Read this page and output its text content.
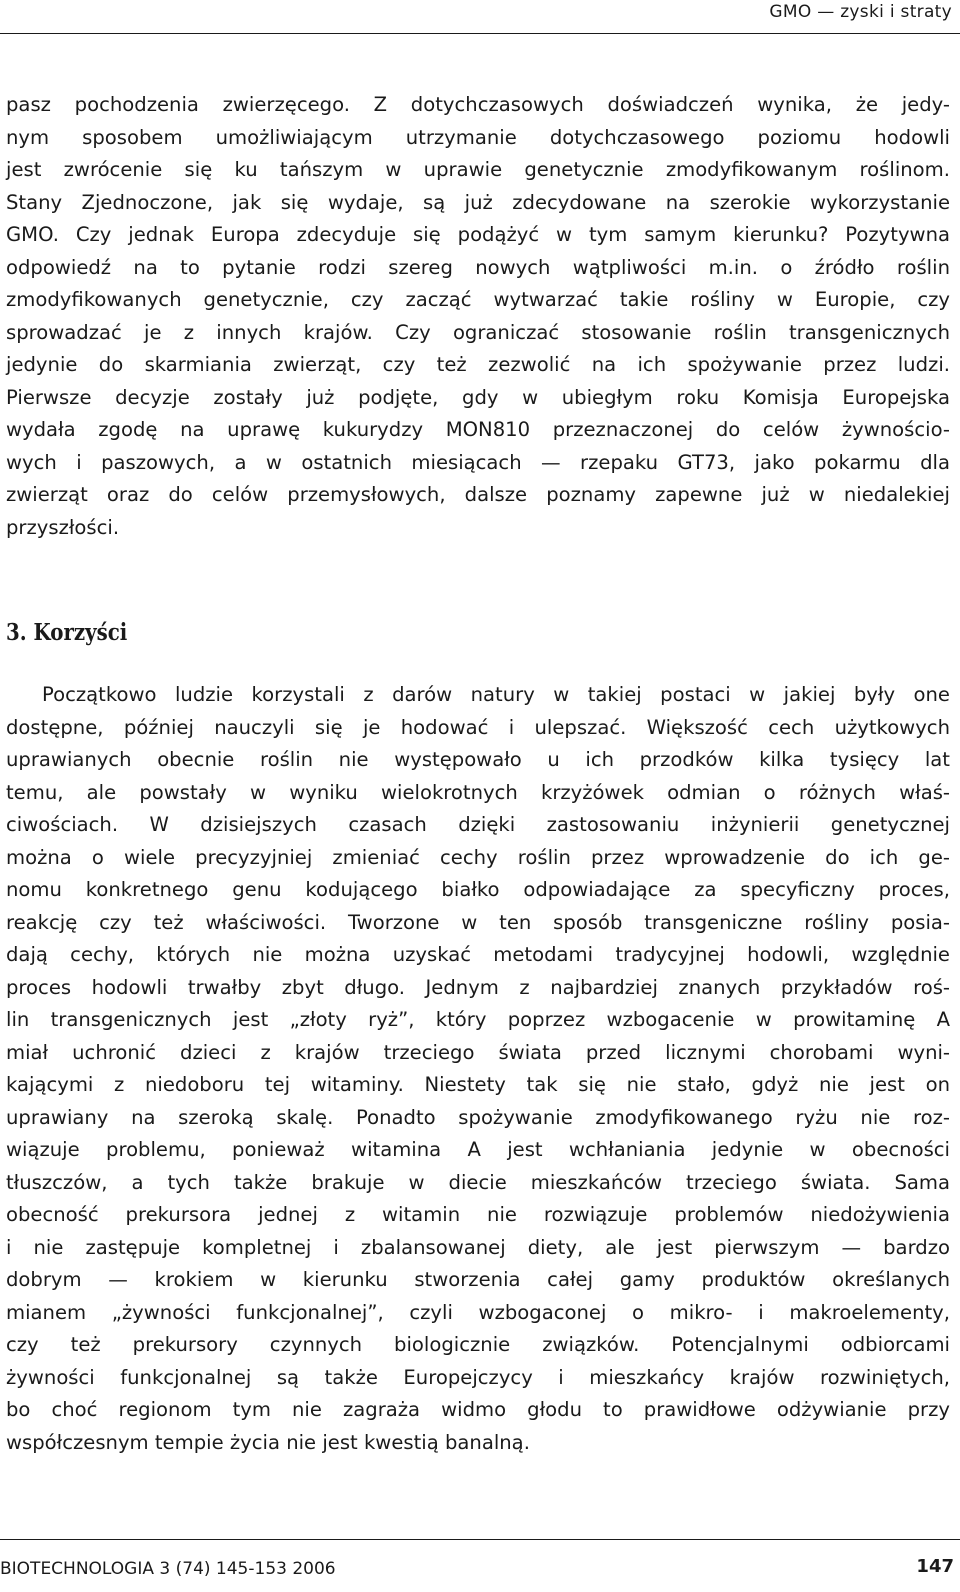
GMO — zyski i straty
pasz pochodzenia zwierzęcego. Z dotychczasowych doświadczeń wynika, że jedy-
nym sposobem umożliwiającym utrzymanie dotychczasowego poziomu hodowli
jest zwrócenie się ku tańszym w uprawie genetycznie zmodyfikowanym roślinom.
Stany Zjednoczone, jak się wydaje, są już zdecydowane na szerokie wykorzystanie
GMO. Czy jednak Europa zdecyduje się podążyć w tym samym kierunku? Pozytywna
odpowiedź na to pytanie rodzi szereg nowych wątpliwości m.in. o źródło roślin
zmodyfikowanych genetycznie, czy zacząć wytwarzać takie rośliny w Europie, czy
sprowadzać je z innych krajów. Czy ograniczać stosowanie roślin transgenicznych
jedynie do skarmiania zwierząt, czy też zezwolić na ich spożywanie przez ludzi.
Pierwsze decyzje zostały już podjęte, gdy w ubiegłym roku Komisja Europejska
wydała zgodę na uprawę kukurydzy MON810 przeznaczonej do celów żywnościo-
wych i paszowych, a w ostatnich miesiącach — rzepaku GT73, jako pokarmu dla
zwierząt oraz do celów przemysłowych, dalsze poznamy zapewne już w niedalekiej
przyszłości.
3. Korzyści
Początkowo ludzie korzystali z darów natury w takiej postaci w jakiej były one
dostępne, później nauczyli się je hodować i ulepszać. Większość cech użytkowych
uprawianych obecnie roślin nie występowało u ich przodków kilka tysięcy lat
temu, ale powstały w wyniku wielokrotnych krzyżówek odmian o różnych właś-
ciwościach. W dzisiejszych czasach dzięki zastosowaniu inżynierii genetycznej
można o wiele precyzyjniej zmieniać cechy roślin przez wprowadzenie do ich ge-
nomu konkretnego genu kodującego białko odpowiadające za specyficzny proces,
reakcję czy też właściwości. Tworzone w ten sposób transgeniczne rośliny posia-
dają cechy, których nie można uzyskać metodami tradycyjnej hodowli, względnie
proces hodowli trwałby zbyt długo. Jednym z najbardziej znanych przykładów roś-
lin transgenicznych jest „złoty ryż”, który poprzez wzbogacenie w prowitaminę A
miał uchronić dzieci z krajów trzeciego świata przed licznymi chorobami wyni-
kającymi z niedoboru tej witaminy. Niestety tak się nie stało, gdyż nie jest on
uprawiany na szeroką skalę. Ponadto spożywanie zmodyfikowanego ryżu nie roz-
wiązuje problemu, ponieważ witamina A jest wchłaniania jedynie w obecności
tłuszczów, a tych także brakuje w diecie mieszkańców trzeciego świata. Sama
obecność prekursora jednej z witamin nie rozwiązuje problemów niedożywienia
i nie zastępuje kompletnej i zbalansowanej diety, ale jest pierwszym — bardzo
dobrym — krokiem w kierunku stworzenia całej gamy produktów określanych
mianem „żywności funkcjonalnej”, czyli wzbogaconej o mikro- i makroelementy,
czy też prekursory czynnych biologicznie związków. Potencjalnymi odbiorcami
żywności funkcjonalnej są także Europejczycy i mieszkańcy krajów rozwiniętych,
bo choć regionom tym nie zagraża widmo głodu to prawidłowe odżywianie przy
współczesnym tempie życia nie jest kwestią banalną.
BIOTECHNOLOGIA 3 (74) 145-153 2006	147
